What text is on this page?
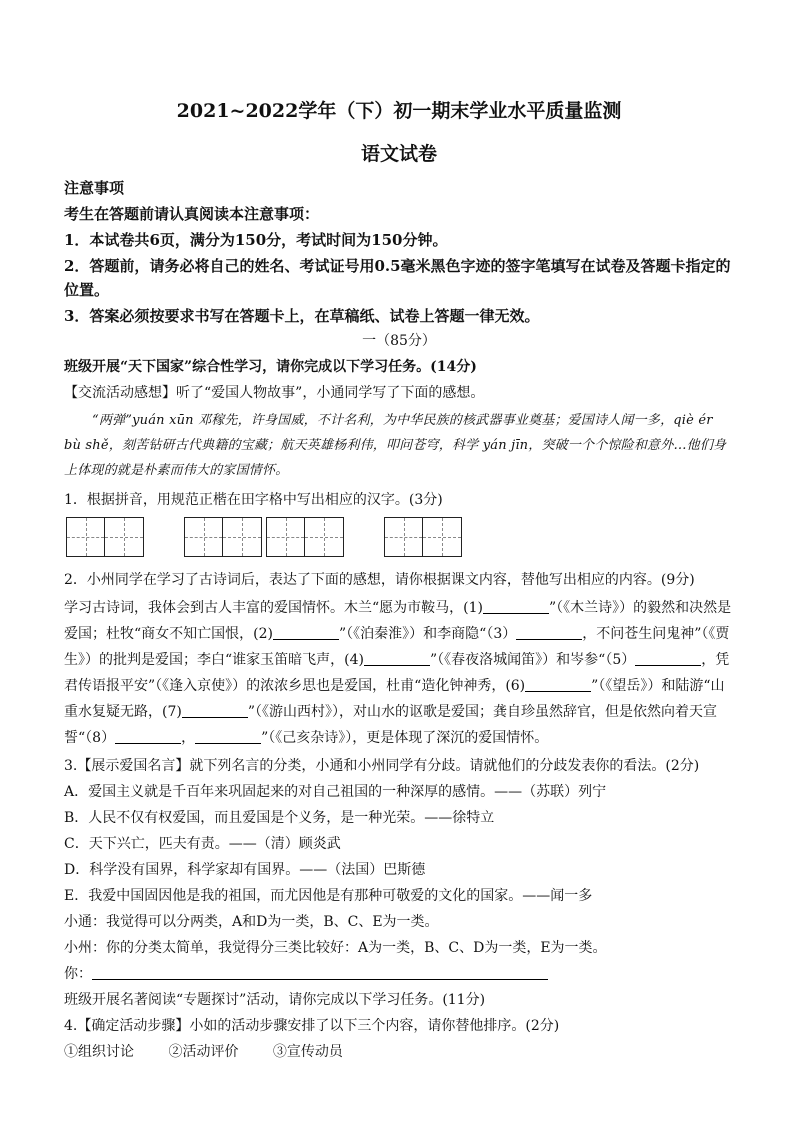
2021~2022学年（下）初一期末学业水平质量监测
语文试卷
注意事项
考生在答题前请认真阅读本注意事项：
1．本试卷共6页，满分为150分，考试时间为150分钟。
2．答题前，请务必将自己的姓名、考试证号用0.5毫米黑色字迹的签字笔填写在试卷及答题卡指定的位置。
3．答案必须按要求书写在答题卡上，在草稿纸、试卷上答题一律无效。
一（85分）
班级开展“天下国家”综合性学习，请你完成以下学习任务。(14分)
【交流活动感想】听了“爱国人物故事”，小通同学写了下面的感想。
“两弹”yuán xūn 邓稼先，许身国威，不计名利，为中华民族的核武器事业奠基；爱国诗人闻一多，qiè ér bù shě，刻苦钻研古代典籍的宝藏；航天英雄杨利伟，叩问苍穹，科学 yán jīn，突破一个个惊险和意外…他们身上体现的就是朴素而伟大的家国情怀。
1．根据拼音，用规范正楷在田字格中写出相应的汉字。(3分)
2．小州同学在学习了古诗词后，表达了下面的感想，请你根据课文内容，替他写出相应的内容。(9分)
学习古诗词，我体会到古人丰富的爱国情怀。木兰“愿为市鞍马，(1)	”（《木兰诗》）的毅然和决然是爱国；杜牧“商女不知亡国恨，(2)	”（《泊秦淮》）和李商隐“（3）	，不问苍生问鬼神”（《贾生》）的批判是爱国；李白“谁家玉笛暗飞声，(4)	”（《春夜洛城闻笛》）和岑参“（5）	，凭君传语报平安”（《逢入京使》）的浓浓乡思也是爱国，杜甫“造化钟神秀，(6)	”（《望岳》）和陆游“山重水复疑无路，(7)	”（《游山西村》），对山水的讴歌是爱国；龚自珍虽然辞官，但是依然向着天宣誓“（8）	，	”（《己亥杂诗》），更是体现了深沉的爱国情怀。
3.【展示爱国名言】就下列名言的分类，小通和小州同学有分歧。请就他们的分歧发表你的看法。(2分)
A．爱国主义就是千百年来巩固起来的对自己祖国的一种深厚的感情。——（苏联）列宁
B．人民不仅有权爱国，而且爱国是个义务，是一种光荣。——徐特立
C．天下兴亡，匹夫有责。——（清）顾炎武
D．科学没有国界，科学家却有国界。——（法国）巴斯德
E．我爱中国固因他是我的祖国，而尤因他是有那种可敬爱的文化的国家。——闻一多
小通：我觉得可以分两类，A和D为一类，B、C、E为一类。
小州：你的分类太简单，我觉得分三类比较好：A为一类，B、C、D为一类，E为一类。
你：
班级开展名著阅读“专题探讨”活动，请你完成以下学习任务。(11分)
4.【确定活动步骤】小如的活动步骤安排了以下三个内容，请你替他排序。(2分)
①组织讨论 ②活动评价 ③宣传动员
